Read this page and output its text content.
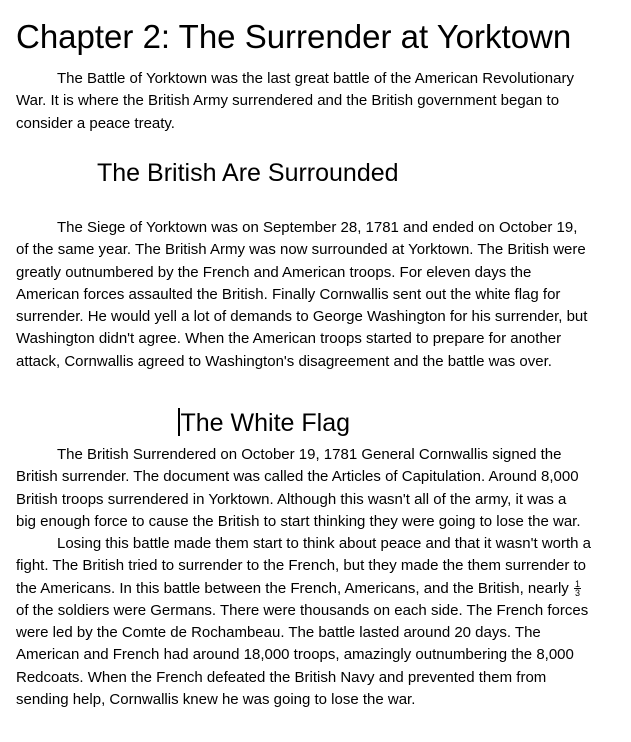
Chapter 2: The Surrender at Yorktown
The Battle of Yorktown was the last great battle of the American Revolutionary
War. It is where the British Army surrendered and the British government began to
consider a peace treaty.
The British Are Surrounded
The Siege of Yorktown was on September 28, 1781 and ended on October 19,
of the same year. The British Army was now surrounded at Yorktown. The British were
greatly outnumbered by the French and American troops. For eleven days the
American forces assaulted the British. Finally Cornwallis sent out the white flag for
surrender. He would yell a lot of demands to George Washington for his surrender, but
Washington didn't agree. When the American troops started to prepare for another
attack, Cornwallis agreed to Washington's disagreement and the battle was over.
The White Flag
The British Surrendered on October 19, 1781 General Cornwallis signed the
British surrender. The document was called the Articles of Capitulation. Around 8,000
British troops surrendered in Yorktown. Although this wasn't all of the army, it was a
big enough force to cause the British to start thinking they were going to lose the war.
Losing this battle made them start to think about peace and that it wasn't worth a
fight. The British tried to surrender to the French, but they made the them surrender to
the Americans. In this battle between the French, Americans, and the British, nearly $\frac{1}{3}$
of the soldiers were Germans. There were thousands on each side. The French forces
were led by the Comte de Rochambeau. The battle lasted around 20 days. The
American and French had around 18,000 troops, amazingly outnumbering the 8,000
Redcoats. When the French defeated the British Navy and prevented them from
sending help, Cornwallis knew he was going to lose the war.
